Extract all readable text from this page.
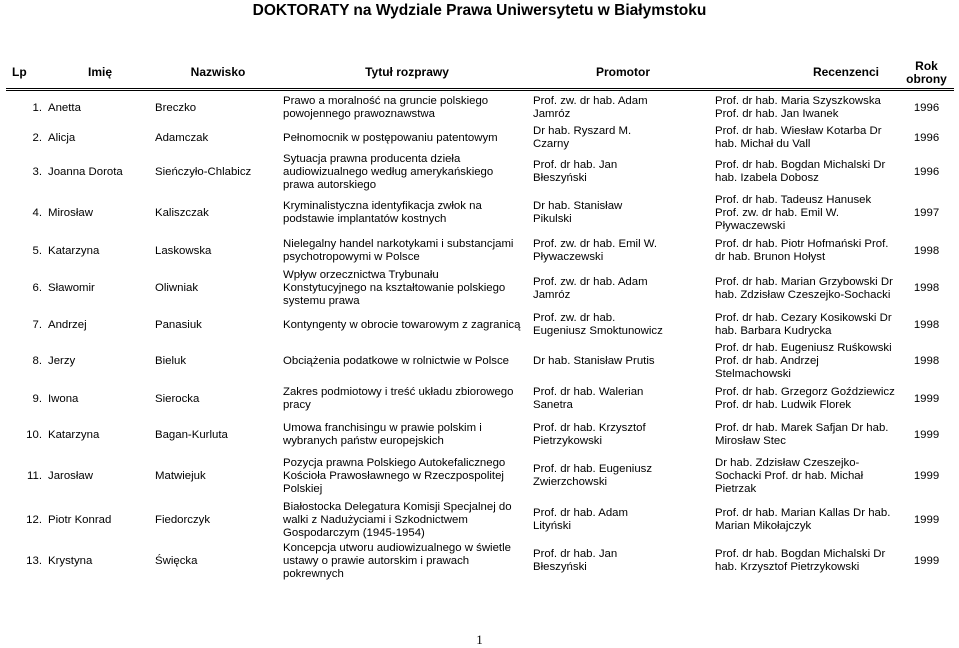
DOKTORATY na Wydziale Prawa Uniwersytetu w Białymstoku
Lp	Imię	Nazwisko	Tytuł rozprawy	Promotor	Recenzenci	Rok obrony

1.	Anetta	Breczko	Prawo a moralność na gruncie polskiego powojennego prawoznawstwa	Prof. zw. dr hab. Adam Jamróz	Prof. dr hab. Maria Szyszkowska Prof. dr hab. Jan Iwanek	1996
2.	Alicja	Adamczak	Pełnomocnik w postępowaniu patentowym	Dr hab. Ryszard M. Czarny	Prof. dr hab. Wiesław Kotarba Dr hab. Michał du Vall	1996
3.	Joanna Dorota	Sieńczyło-Chlabicz	Sytuacja prawna producenta dzieła audiowizualnego według amerykańskiego prawa autorskiego	Prof. dr hab. Jan Błeszyński	Prof. dr hab. Bogdan Michalski Dr hab. Izabela Dobosz	1996
4.	Mirosław	Kaliszczak	Kryminalistyczna identyfikacja zwłok na podstawie implantatów kostnych	Dr hab. Stanisław Pikulski	Prof. dr hab. Tadeusz Hanusek Prof. zw. dr hab. Emil W. Pływaczewski	1997
5.	Katarzyna	Laskowska	Nielegalny handel narkotykami i substancjami psychotropowymi w Polsce	Prof. zw. dr hab. Emil W. Pływaczewski	Prof. dr hab. Piotr Hofmański Prof. dr hab. Brunon Hołyst	1998
6.	Sławomir	Oliwniak	Wpływ orzecznictwa Trybunału Konstytucyjnego na kształtowanie polskiego systemu prawa	Prof. zw. dr hab. Adam Jamróz	Prof. dr hab. Marian Grzybowski Dr hab. Zdzisław Czeszejko-Sochacki	1998
7.	Andrzej	Panasiuk	Kontyngenty w obrocie towarowym z zagranicą	Prof. zw. dr hab. Eugeniusz Smoktunowicz	Prof. dr hab. Cezary Kosikowski Dr hab. Barbara Kudrycka	1998
8.	Jerzy	Bieluk	Obciążenia podatkowe w rolnictwie w Polsce	Dr hab. Stanisław Prutis	Prof. dr hab. Eugeniusz Ruśkowski Prof. dr hab. Andrzej Stelmachowski	1998
9.	Iwona	Sierocka	Zakres podmiotowy i treść układu zbiorowego pracy	Prof. dr hab. Walerian Sanetra	Prof. dr hab. Grzegorz Goździewicz Prof. dr hab. Ludwik Florek	1999
10.	Katarzyna	Bagan-Kurluta	Umowa franchisingu w prawie polskim i wybranych państw europejskich	Prof. dr hab. Krzysztof Pietrzykowski	Prof. dr hab. Marek Safjan Dr hab. Mirosław Stec	1999
11.	Jarosław	Matwiejuk	Pozycja prawna Polskiego Autokefalicznego Kościoła Prawosławnego w Rzeczpospolitej Polskiej	Prof. dr hab. Eugeniusz Zwierzchowski	Dr hab. Zdzisław Czeszejko-Sochacki Prof. dr hab. Michał Pietrzak	1999
12.	Piotr Konrad	Fiedorczyk	Białostocka Delegatura Komisji Specjalnej do walki z Nadużyciami i Szkodnictwem Gospodarczym (1945-1954)	Prof. dr hab. Adam Lityński	Prof. dr hab. Marian Kallas Dr hab. Marian Mikołajczyk	1999
13.	Krystyna	Święcka	Koncepcja utworu audiowizualnego w świetle ustawy o prawie autorskim i prawach pokrewnych	Prof. dr hab. Jan Błeszyński	Prof. dr hab. Bogdan Michalski Dr hab. Krzysztof Pietrzykowski	1999
1
